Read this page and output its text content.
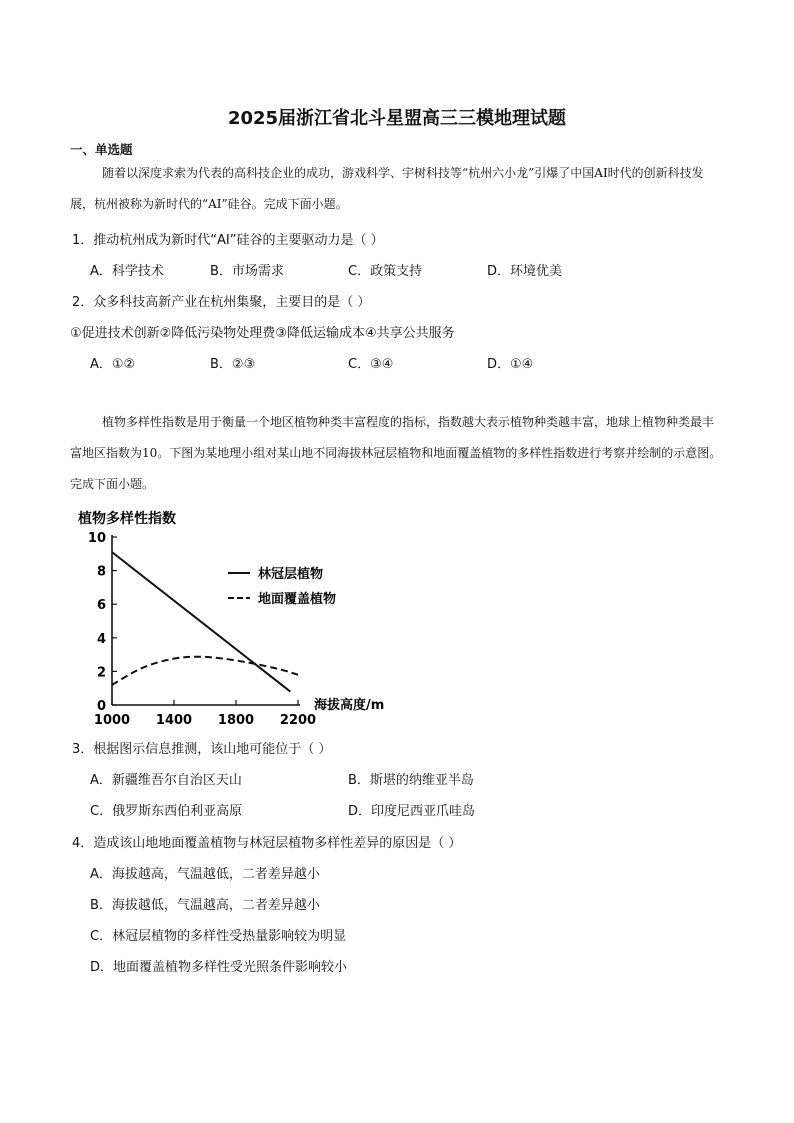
2025届浙江省北斗星盟高三三模地理试题
一、单选题

随着以深度求索为代表的高科技企业的成功，游戏科学、宇树科技等“杭州六小龙”引爆了中国AI时代的创新科技发展，杭州被称为新时代的“AI”硅谷。完成下面小题。

1．推动杭州成为新时代“AI”硅谷的主要驱动力是（ ）
A．科学技术	B．市场需求	C．政策支持	D．环境优美
2．众多科技高新产业在杭州集聚，主要目的是（ ）
①促进技术创新②降低污染物处理费③降低运输成本④共享公共服务
A．①②	B．②③	C．③④	D．①④

植物多样性指数是用于衡量一个地区植物种类丰富程度的指标，指数越大表示植物种类越丰富，地球上植物种类最丰富地区指数为10。下图为某地理小组对某山地不同海拔林冠层植物和地面覆盖植物的多样性指数进行考察并绘制的示意图。完成下面小题。

植物多样性指数
海拔高度/m
0
2
4
6
8
10
1000 1400 1800 2200
林冠层植物
地面覆盖植物
3．根据图示信息推测，该山地可能位于（ ）
A．新疆维吾尔自治区天山	B．斯堪的纳维亚半岛
C．俄罗斯东西伯利亚高原	D．印度尼西亚爪哇岛
4．造成该山地地面覆盖植物与林冠层植物多样性差异的原因是（ ）
A．海拔越高，气温越低，二者差异越小
B．海拔越低，气温越高，二者差异越小
C．林冠层植物的多样性受热量影响较为明显
D．地面覆盖植物多样性受光照条件影响较小
